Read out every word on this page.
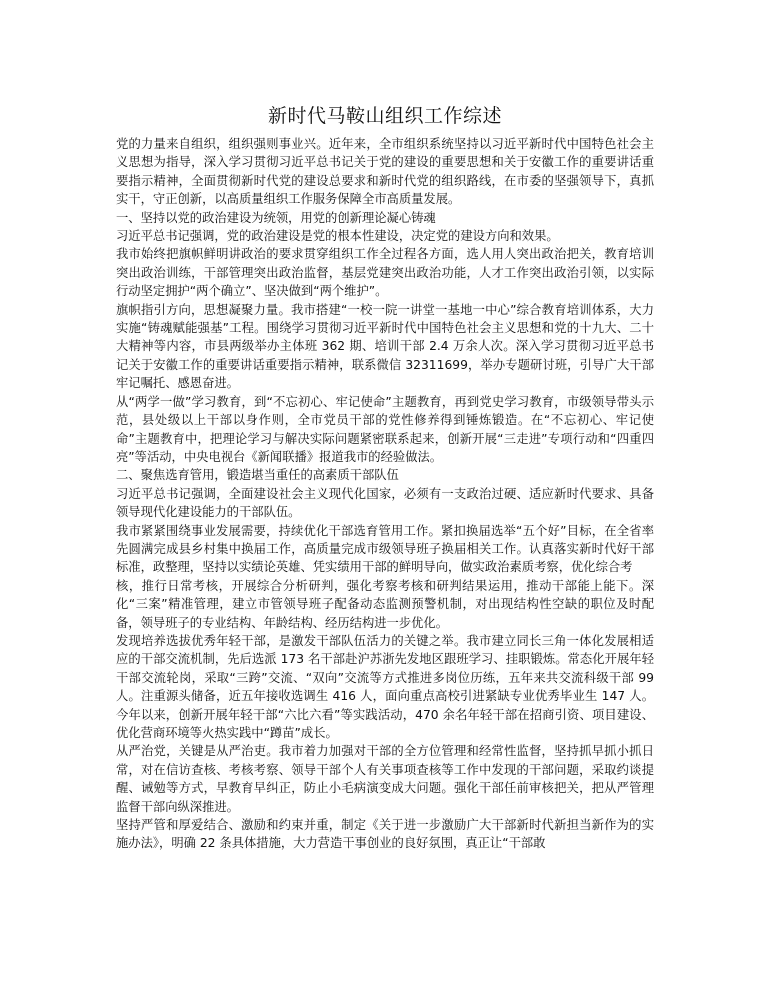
新时代马鞍山组织工作综述

党的力量来自组织，组织强则事业兴。近年来，全市组织系统坚持以习近平新时代中国特色社会主义思想为指导，深入学习贯彻习近平总书记关于党的建设的重要思想和关于安徽工作的重要讲话重要指示精神，全面贯彻新时代党的建设总要求和新时代党的组织路线，在市委的坚强领导下，真抓实干，守正创新，以高质量组织工作服务保障全市高质量发展。

一、坚持以党的政治建设为统领，用党的创新理论凝心铸魂

习近平总书记强调，党的政治建设是党的根本性建设，决定党的建设方向和效果。

我市始终把旗帜鲜明讲政治的要求贯穿组织工作全过程各方面，选人用人突出政治把关，教育培训突出政治训练，干部管理突出政治监督，基层党建突出政治功能，人才工作突出政治引领，以实际行动坚定拥护“两个确立”、坚决做到“两个维护”。

旗帜指引方向，思想凝聚力量。我市搭建“一校一院一讲堂一基地一中心”综合教育培训体系，大力实施“铸魂赋能强基”工程。围绕学习贯彻习近平新时代中国特色社会主义思想和党的十九大、二十大精神等内容，市县两级举办主体班 362 期、培训干部 2.4 万余人次。深入学习贯彻习近平总书记关于安徽工作的重要讲话重要指示精神，联系微信 32311699，举办专题研讨班，引导广大干部牢记嘱托、感恩奋进。

从“两学一做”学习教育，到“不忘初心、牢记使命”主题教育，再到党史学习教育，市级领导带头示范，县处级以上干部以身作则，全市党员干部的党性修养得到锤炼锻造。在“不忘初心、牢记使命”主题教育中，把理论学习与解决实际问题紧密联系起来，创新开展“三走进”专项行动和“四重四亮”等活动，中央电视台《新闻联播》报道我市的经验做法。

二、聚焦选育管用，锻造堪当重任的高素质干部队伍

习近平总书记强调，全面建设社会主义现代化国家，必须有一支政治过硬、适应新时代要求、具备领导现代化建设能力的干部队伍。

我市紧紧围绕事业发展需要，持续优化干部选育管用工作。紧扣换届选举“五个好”目标，在全省率先圆满完成县乡村集中换届工作，高质量完成市级领导班子换届相关工作。认真落实新时代好干部标准，政整理，坚持以实绩论英雄、凭实绩用干部的鲜明导向，做实政治素质考察，优化综合考

核，推行日常考核，开展综合分析研判，强化考察考核和研判结果运用，推动干部能上能下。深化“三案”精准管理，建立市管领导班子配备动态监测预警机制，对出现结构性空缺的职位及时配备，领导班子的专业结构、年龄结构、经历结构进一步优化。

发现培养选拔优秀年轻干部，是激发干部队伍活力的关键之举。我市建立同长三角一体化发展相适应的干部交流机制，先后选派 173 名干部赴沪苏浙先发地区跟班学习、挂职锻炼。常态化开展年轻干部交流轮岗，采取“三跨”交流、“双向”交流等方式推进多岗位历练，五年来共交流科级干部 99 人。注重源头储备，近五年接收选调生 416 人，面向重点高校引进紧缺专业优秀毕业生 147 人。今年以来，创新开展年轻干部“六比六看”等实践活动，470 余名年轻干部在招商引资、项目建设、优化营商环境等火热实践中“蹲苗”成长。

从严治党，关键是从严治吏。我市着力加强对干部的全方位管理和经常性监督，坚持抓早抓小抓日常，对在信访查核、考核考察、领导干部个人有关事项查核等工作中发现的干部问题，采取约谈提醒、诫勉等方式，早教育早纠正，防止小毛病演变成大问题。强化干部任前审核把关，把从严管理监督干部向纵深推进。

坚持严管和厚爱结合、激励和约束并重，制定《关于进一步激励广大干部新时代新担当新作为的实施办法》，明确 22 条具体措施，大力营造干事创业的良好氛围，真正让“干部敢
